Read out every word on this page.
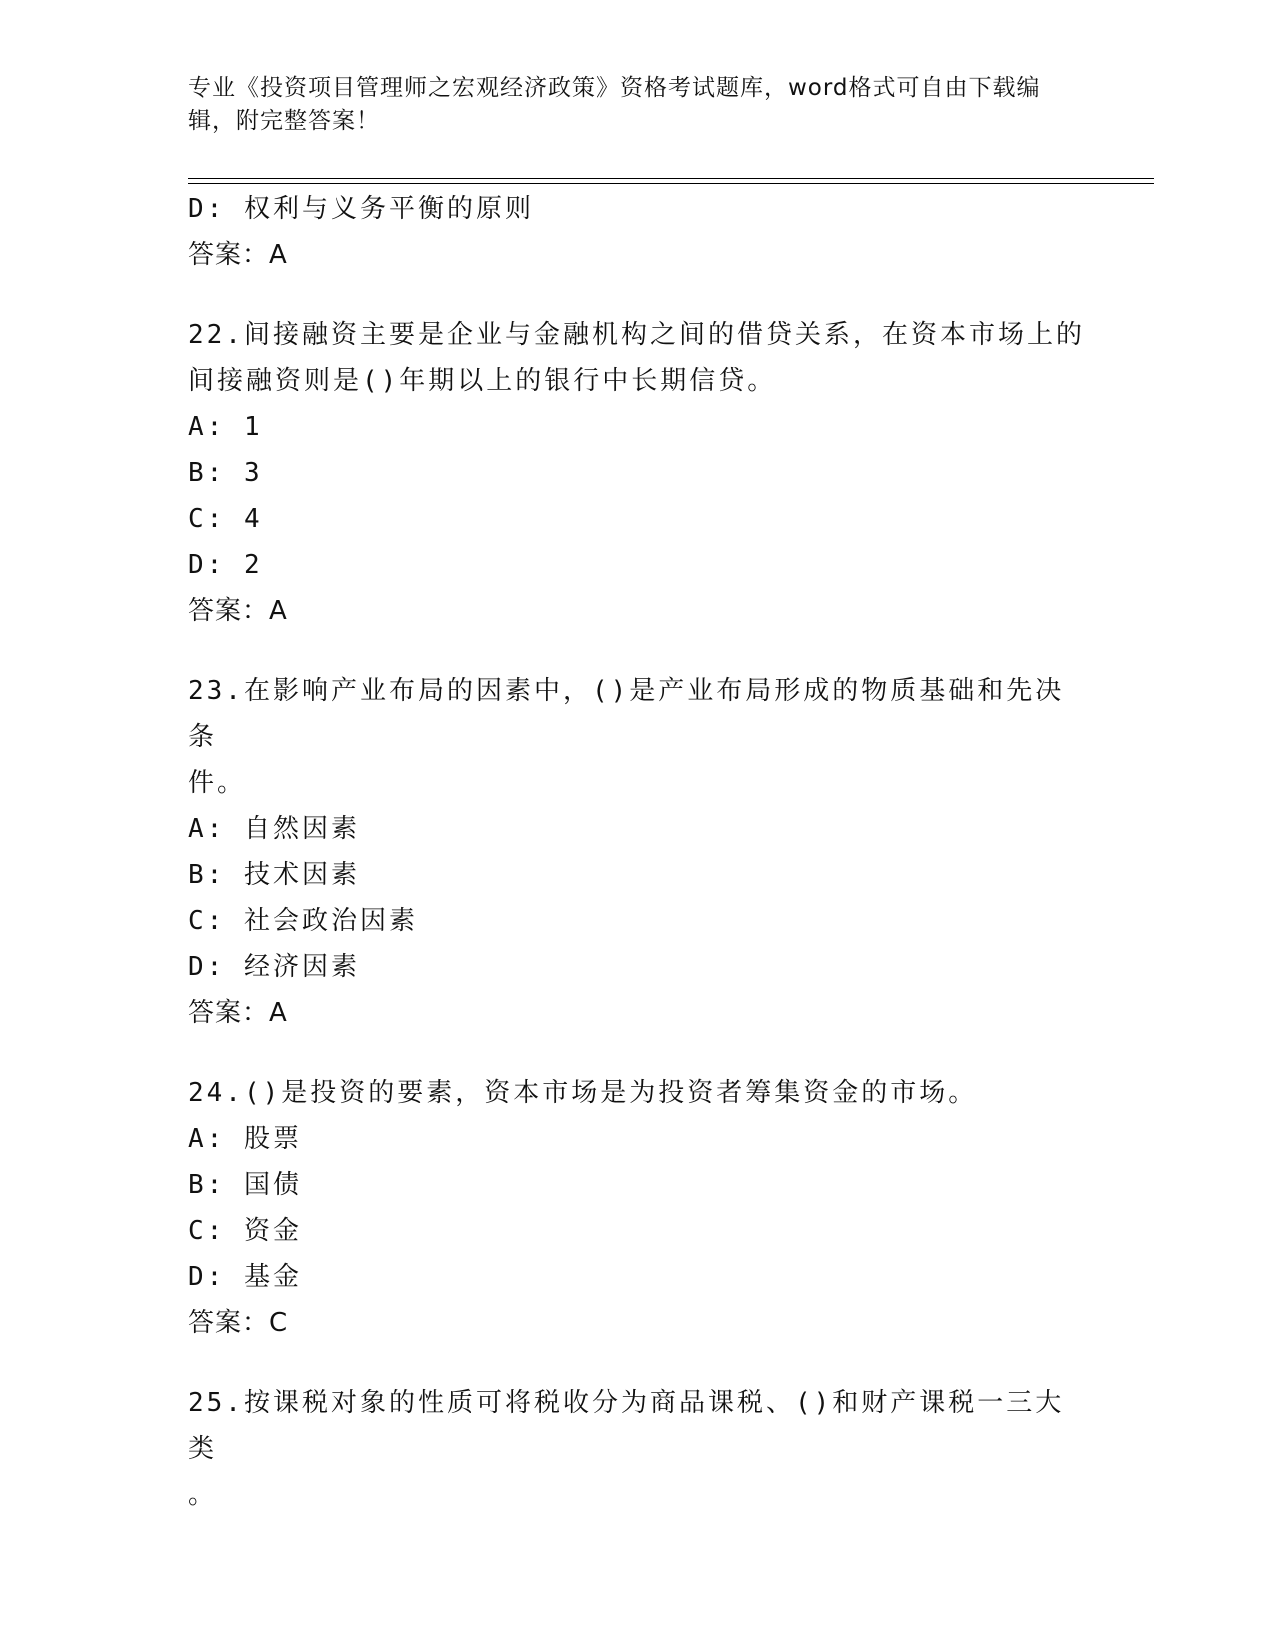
专业《投资项目管理师之宏观经济政策》资格考试题库，word格式可自由下载编
辑，附完整答案！
D: 权利与义务平衡的原则
答案：A
22.间接融资主要是企业与金融机构之间的借贷关系，在资本市场上的
间接融资则是()年期以上的银行中长期信贷。
A: 1
B: 3
C: 4
D: 2
答案：A
23.在影响产业布局的因素中，()是产业布局形成的物质基础和先决条
件。
A: 自然因素
B: 技术因素
C: 社会政治因素
D: 经济因素
答案：A
24.()是投资的要素，资本市场是为投资者筹集资金的市场。
A: 股票
B: 国债
C: 资金
D: 基金
答案：C
25.按课税对象的性质可将税收分为商品课税、()和财产课税一三大类
。
